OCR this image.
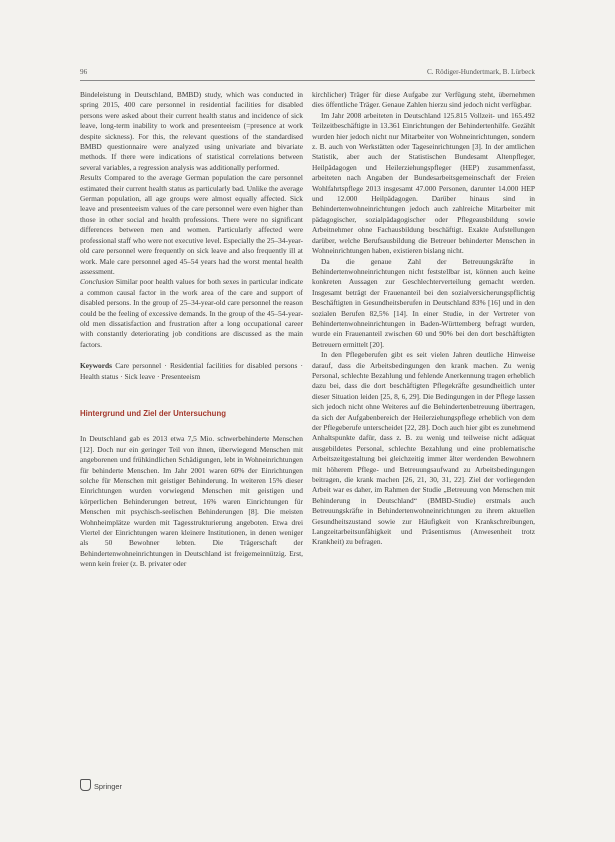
96	C. Rödiger-Hundertmark, B. Lürbeck

Bindeleistung in Deutschland, BMBD) study, which was conducted in spring 2015, 400 care personnel in residential facilities for disabled persons were asked about their current health status and incidence of sick leave, long-term inability to work and presenteeism (=presence at work despite sickness). For this, the relevant questions of the standardised BMBD questionnaire were analyzed using univariate and bivariate methods. If there were indications of statistical correlations between several variables, a regression analysis was additionally performed.

Results Compared to the average German population the care personnel estimated their current health status as particularly bad. Unlike the average German population, all age groups were almost equally affected. Sick leave and presenteeism values of the care personnel were even higher than those in other social and health professions. There were no significant differences between men and women. Particularly affected were professional staff who were not executive level. Especially the 25–34-year-old care personnel were frequently on sick leave and also frequently ill at work. Male care personnel aged 45–54 years had the worst mental health assessment.

Conclusion Similar poor health values for both sexes in particular indicate a common causal factor in the work area of the care and support of disabled persons. In the group of 25–34-year-old care personnel the reason could be the feeling of excessive demands. In the group of the 45–54-year-old men dissatisfaction and frustration after a long occupational career with constantly deteriorating job conditions are discussed as the main factors.

Keywords Care personnel · Residential facilities for disabled persons · Health status · Sick leave · Presenteeism

Hintergrund und Ziel der Untersuchung

In Deutschland gab es 2013 etwa 7,5 Mio. schwerbehinderte Menschen [12]. Doch nur ein geringer Teil von ihnen, überwiegend Menschen mit angeborenen und frühkindlichen Schädigungen, lebt in Wohneinrichtungen für behinderte Menschen. Im Jahr 2001 waren 60% der Einrichtungen solche für Menschen mit geistiger Behinderung. In weiteren 15% dieser Einrichtungen wurden vorwiegend Menschen mit geistigen und körperlichen Behinderungen betreut, 16% waren Einrichtungen für Menschen mit psychisch-seelischen Behinderungen [8]. Die meisten Wohnheimplätze wurden mit Tagesstrukturierung angeboten. Etwa drei Viertel der Einrichtungen waren kleinere Institutionen, in denen weniger als 50 Bewohner lebten. Die Trägerschaft der Behindertenwohneinrichtungen in Deutschland ist freigemeinnützig. Erst, wenn kein freier (z. B. privater oder

kirchlicher) Träger für diese Aufgabe zur Verfügung steht, übernehmen dies öffentliche Träger. Genaue Zahlen hierzu sind jedoch nicht verfügbar.

Im Jahr 2008 arbeiteten in Deutschland 125.815 Vollzeit- und 165.492 Teilzeitbeschäftigte in 13.361 Einrichtungen der Behindertenhilfe. Gezählt wurden hier jedoch nicht nur Mitarbeiter von Wohneinrichtungen, sondern z. B. auch von Werkstätten oder Tageseinrichtungen [3]. In der amtlichen Statistik, aber auch der Statistischen Bundesamt Altenpfleger, Heilpädagogen und Heilerziehungspfleger (HEP) zusammenfasst, arbeiteten nach Angaben der Bundesarbeitsgemeinschaft der Freien Wohlfahrtspflege 2013 insgesamt 47.000 Personen, darunter 14.000 HEP und 12.000 Heilpädagogen. Darüber hinaus sind in Behindertenwohneinrichtungen jedoch auch zahlreiche Mitarbeiter mit pädagogischer, sozialpädagogischer oder Pflegeausbildung sowie Arbeitnehmer ohne Fachausbildung beschäftigt. Exakte Aufstellungen darüber, welche Berufsausbildung die Betreuer behinderter Menschen in Wohneinrichtungen haben, existieren bislang nicht.

Da die genaue Zahl der Betreuungskräfte in Behindertenwohneinrichtungen nicht feststellbar ist, können auch keine konkreten Aussagen zur Geschlechterverteilung gemacht werden. Insgesamt beträgt der Frauenanteil bei den sozialversicherungspflichtig Beschäftigten in Gesundheitsberufen in Deutschland 83% [16] und in den sozialen Berufen 82,5% [14]. In einer Studie, in der Vertreter von Behindertenwohneinrichtungen in Baden-Württemberg befragt wurden, wurde ein Frauenanteil zwischen 60 und 90% bei den dort beschäftigten Betreuern ermittelt [20].

In den Pflegeberufen gibt es seit vielen Jahren deutliche Hinweise darauf, dass die Arbeitsbedingungen den krank machen. Zu wenig Personal, schlechte Bezahlung und fehlende Anerkennung tragen erheblich dazu bei, dass die dort beschäftigten Pflegekräfte gesundheitlich unter dieser Situation leiden [25, 8, 6, 29]. Die Bedingungen in der Pflege lassen sich jedoch nicht ohne Weiteres auf die Behindertenbetreuung übertragen, da sich der Aufgabenbereich der Heilerziehungspflege erheblich von dem der Pflegeberufe unterscheidet [22, 28]. Doch auch hier gibt es zunehmend Anhaltspunkte dafür, dass z. B. zu wenig und teilweise nicht adäquat ausgebildetes Personal, schlechte Bezahlung und eine problematische Arbeitszeitgestaltung bei gleichzeitig immer älter werdenden Bewohnern mit höherem Pflege- und Betreuungsaufwand zu Arbeitsbedingungen beitragen, die krank machen [26, 21, 30, 31, 22]. Ziel der vorliegenden Arbeit war es daher, im Rahmen der Studie „Betreuung von Menschen mit Behinderung in Deutschland“ (BMBD-Studie) erstmals auch Betreuungskräfte in Behindertenwohneinrichtungen zu ihrem aktuellen Gesundheitszustand sowie zur Häufigkeit von Krankschreibungen, Langzeitarbeitsunfähigkeit und Präsentismus (Anwesenheit trotz Krankheit) zu befragen.

Springer
